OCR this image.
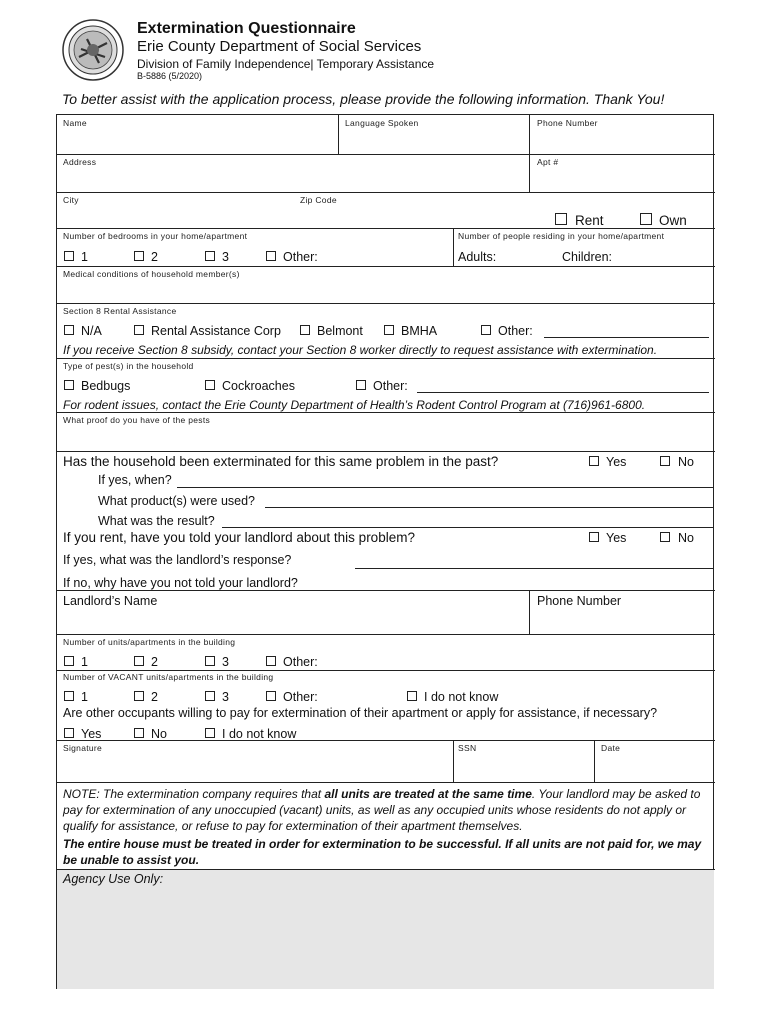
Extermination Questionnaire
Erie County Department of Social Services
Division of Family Independence| Temporary Assistance
B-5886 (5/2020)
To better assist with the application process, please provide the following information. Thank You!
Name	Language Spoken	Phone Number
Address	Apt #
City	Zip Code
Rent	Own
Number of bedrooms in your home/apartment	Number of people residing in your home/apartment
1	2	3	Other:	Adults:	Children:
Medical conditions of household member(s)
Section 8 Rental Assistance
N/A	Rental Assistance Corp	Belmont	BMHA	Other:
If you receive Section 8 subsidy, contact your Section 8 worker directly to request assistance with extermination.
Type of pest(s) in the household
Bedbugs	Cockroaches	Other:
For rodent issues, contact the Erie County Department of Health’s Rodent Control Program at (716)961-6800.
What proof do you have of the pests
Has the household been exterminated for this same problem in the past?	Yes	No
If yes, when?
What product(s) were used?
What was the result?
If you rent, have you told your landlord about this problem?	Yes	No
If yes, what was the landlord’s response?
If no, why have you not told your landlord?
Landlord’s Name	Phone Number
Number of units/apartments in the building
1	2	3	Other:
Number of VACANT units/apartments in the building
1	2	3	Other:	I do not know
Are other occupants willing to pay for extermination of their apartment or apply for assistance, if necessary?
Yes	No	I do not know
Signature	SSN	Date
NOTE: The extermination company requires that all units are treated at the same time. Your landlord may be asked to pay for extermination of any unoccupied (vacant) units, as well as any occupied units whose residents do not apply or qualify for assistance, or refuse to pay for extermination of their apartment themselves.
The entire house must be treated in order for extermination to be successful. If all units are not paid for, we may be unable to assist you.
Agency Use Only:
